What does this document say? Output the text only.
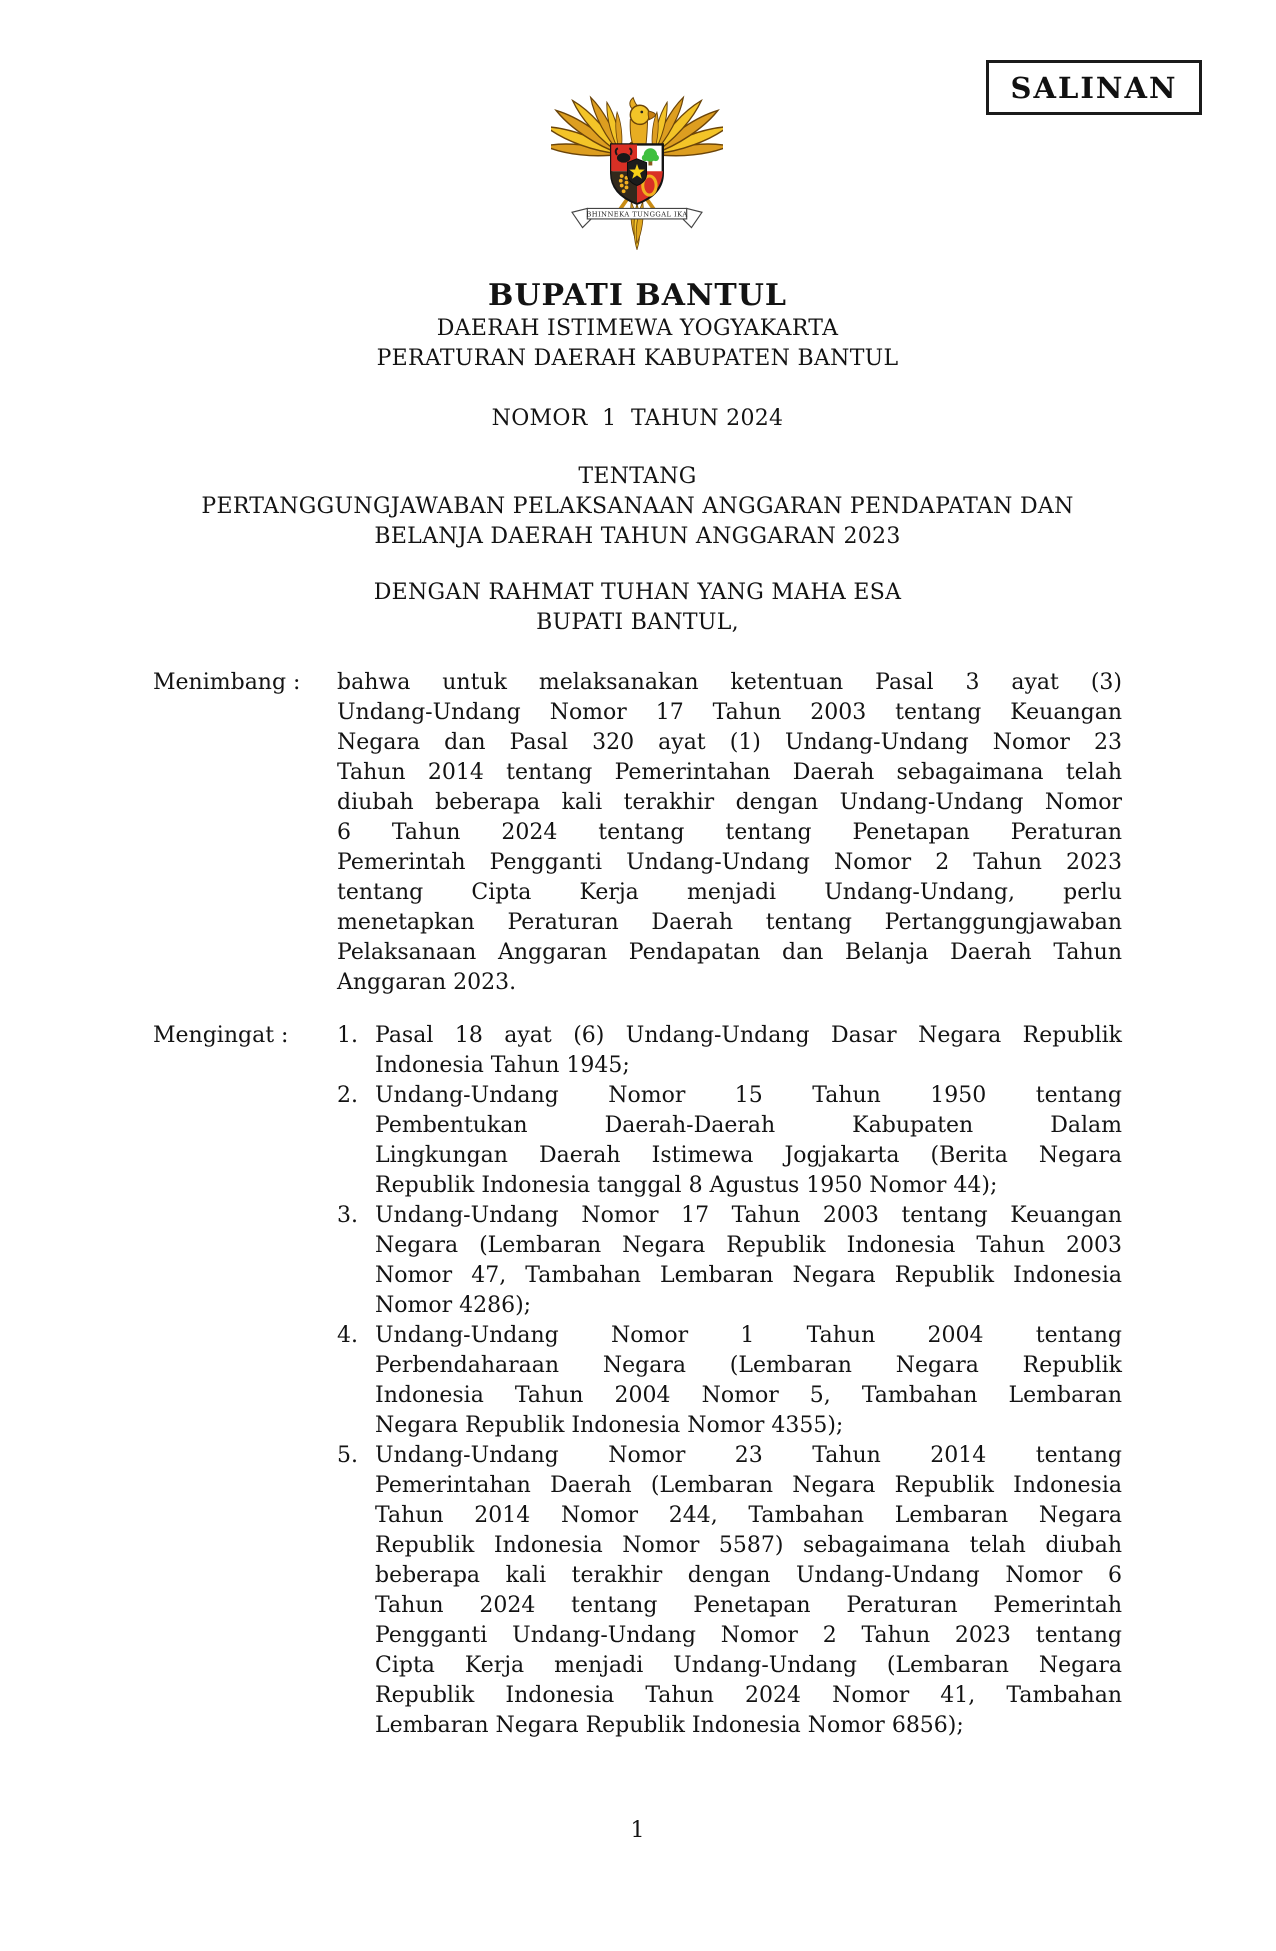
SALINAN
BHINNEKA TUNGGAL IKA
BUPATI BANTUL
DAERAH ISTIMEWA YOGYAKARTA
PERATURAN DAERAH KABUPATEN BANTUL
NOMOR  1  TAHUN 2024
TENTANG
PERTANGGUNGJAWABAN PELAKSANAAN ANGGARAN PENDAPATAN DAN
BELANJA DAERAH TAHUN ANGGARAN 2023
DENGAN RAHMAT TUHAN YANG MAHA ESA
BUPATI BANTUL,
Menimbang : bahwa untuk melaksanakan ketentuan Pasal 3 ayat (3)
Undang-Undang Nomor 17 Tahun 2003 tentang Keuangan
Negara dan Pasal 320 ayat (1) Undang-Undang Nomor 23
Tahun 2014 tentang Pemerintahan Daerah sebagaimana telah
diubah beberapa kali terakhir dengan Undang-Undang Nomor
6 Tahun 2024 tentang tentang Penetapan Peraturan
Pemerintah Pengganti Undang-Undang Nomor 2 Tahun 2023
tentang Cipta Kerja menjadi Undang-Undang, perlu
menetapkan Peraturan Daerah tentang Pertanggungjawaban
Pelaksanaan Anggaran Pendapatan dan Belanja Daerah Tahun
Anggaran 2023.
Mengingat : 1. Pasal 18 ayat (6) Undang-Undang Dasar Negara Republik
Indonesia Tahun 1945;
2. Undang-Undang Nomor 15 Tahun 1950 tentang
Pembentukan Daerah-Daerah Kabupaten Dalam
Lingkungan Daerah Istimewa Jogjakarta (Berita Negara
Republik Indonesia tanggal 8 Agustus 1950 Nomor 44);
3. Undang-Undang Nomor 17 Tahun 2003 tentang Keuangan
Negara (Lembaran Negara Republik Indonesia Tahun 2003
Nomor 47, Tambahan Lembaran Negara Republik Indonesia
Nomor 4286);
4. Undang-Undang Nomor 1 Tahun 2004 tentang
Perbendaharaan Negara (Lembaran Negara Republik
Indonesia Tahun 2004 Nomor 5, Tambahan Lembaran
Negara Republik Indonesia Nomor 4355);
5. Undang-Undang Nomor 23 Tahun 2014 tentang
Pemerintahan Daerah (Lembaran Negara Republik Indonesia
Tahun 2014 Nomor 244, Tambahan Lembaran Negara
Republik Indonesia Nomor 5587) sebagaimana telah diubah
beberapa kali terakhir dengan Undang-Undang Nomor 6
Tahun 2024 tentang Penetapan Peraturan Pemerintah
Pengganti Undang-Undang Nomor 2 Tahun 2023 tentang
Cipta Kerja menjadi Undang-Undang (Lembaran Negara
Republik Indonesia Tahun 2024 Nomor 41, Tambahan
Lembaran Negara Republik Indonesia Nomor 6856);
1
